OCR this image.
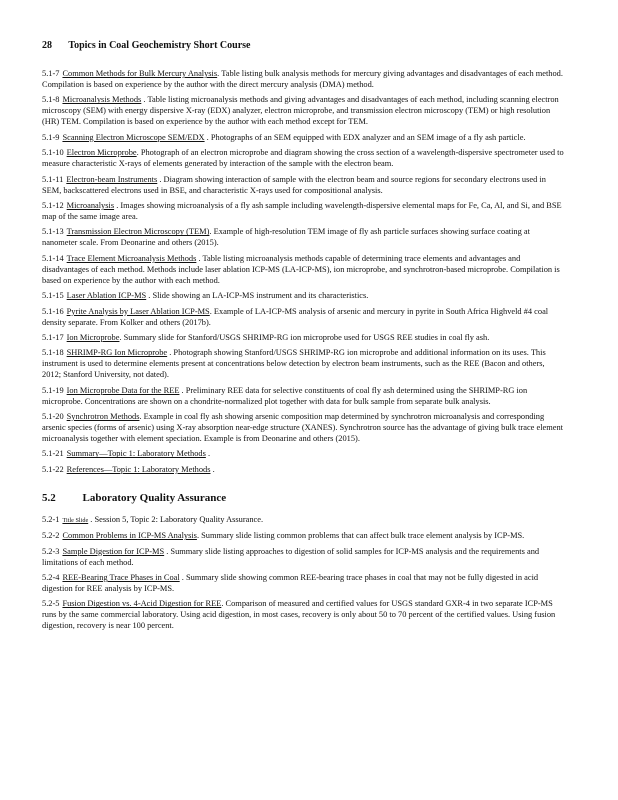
28 Topics in Coal Geochemistry Short Course

5.1-7 Common Methods for Bulk Mercury Analysis. Table listing bulk analysis methods for mercury giving advantages and disadvantages of each method. Compilation is based on experience by the author with the direct mercury analysis (DMA) method.

5.1-8 Microanalysis Methods . Table listing microanalysis methods and giving advantages and disadvantages of each method, including scanning electron microscopy (SEM) with energy dispersive X-ray (EDX) analyzer, electron microprobe, and transmission electron microscopy (TEM) or high resolution (HR) TEM. Compilation is based on experience by the author with each method except for TEM.

5.1-9 Scanning Electron Microscope SEM/EDX . Photographs of an SEM equipped with EDX analyzer and an SEM image of a fly ash particle.

5.1-10 Electron Microprobe. Photograph of an electron microprobe and diagram showing the cross section of a wavelength-dispersive spectrometer used to measure characteristic X-rays of elements generated by interaction of the sample with the electron beam.

5.1-11 Electron-beam Instruments . Diagram showing interaction of sample with the electron beam and source regions for secondary electrons used in SEM, backscattered electrons used in BSE, and characteristic X-rays used for compositional analysis.

5.1-12 Microanalysis . Images showing microanalysis of a fly ash sample including wavelength-dispersive elemental maps for Fe, Ca, Al, and Si, and BSE map of the same image area.

5.1-13 Transmission Electron Microscopy (TEM). Example of high-resolution TEM image of fly ash particle surfaces showing surface coating at nanometer scale. From Deonarine and others (2015).

5.1-14 Trace Element Microanalysis Methods . Table listing microanalysis methods capable of determining trace elements and advantages and disadvantages of each method. Methods include laser ablation ICP-MS (LA-ICP-MS), ion microprobe, and synchrotron-based microprobe. Compilation is based on experience by the author with each method.

5.1-15 Laser Ablation ICP-MS . Slide showing an LA-ICP-MS instrument and its characteristics.

5.1-16 Pyrite Analysis by Laser Ablation ICP-MS. Example of LA-ICP-MS analysis of arsenic and mercury in pyrite in South Africa Highveld #4 coal density separate. From Kolker and others (2017b).

5.1-17 Ion Microprobe. Summary slide for Stanford/USGS SHRIMP-RG ion microprobe used for USGS REE studies in coal fly ash.

5.1-18 SHRIMP-RG Ion Microprobe . Photograph showing Stanford/USGS SHRIMP-RG ion microprobe and additional information on its uses. This instrument is used to determine elements present at concentrations below detection by electron beam instruments, such as the REE (Bacon and others, 2012; Stanford University, not dated).

5.1-19 Ion Microprobe Data for the REE . Preliminary REE data for selective constituents of coal fly ash determined using the SHRIMP-RG ion microprobe. Concentrations are shown on a chondrite-normalized plot together with data for bulk sample from separate bulk analysis.

5.1-20 Synchrotron Methods. Example in coal fly ash showing arsenic composition map determined by synchrotron microanalysis and corresponding arsenic species (forms of arsenic) using X-ray absorption near-edge structure (XANES). Synchrotron source has the advantage of giving bulk trace element microanalysis together with element speciation. Example is from Deonarine and others (2015).

5.1-21 Summary—Topic 1: Laboratory Methods .

5.1-22 References—Topic 1: Laboratory Methods .

5.2 Laboratory Quality Assurance

5.2-1 Title Slide . Session 5, Topic 2: Laboratory Quality Assurance.

5.2-2 Common Problems in ICP-MS Analysis. Summary slide listing common problems that can affect bulk trace element analysis by ICP-MS.

5.2-3 Sample Digestion for ICP-MS . Summary slide listing approaches to digestion of solid samples for ICP-MS analysis and the requirements and limitations of each method.

5.2-4 REE-Bearing Trace Phases in Coal . Summary slide showing common REE-bearing trace phases in coal that may not be fully digested in acid digestion for REE analysis by ICP-MS.

5.2-5 Fusion Digestion vs. 4-Acid Digestion for REE. Comparison of measured and certified values for USGS standard GXR-4 in two separate ICP-MS runs by the same commercial laboratory. Using acid digestion, in most cases, recovery is only about 50 to 70 percent of the certified values. Using fusion digestion, recovery is near 100 percent.
